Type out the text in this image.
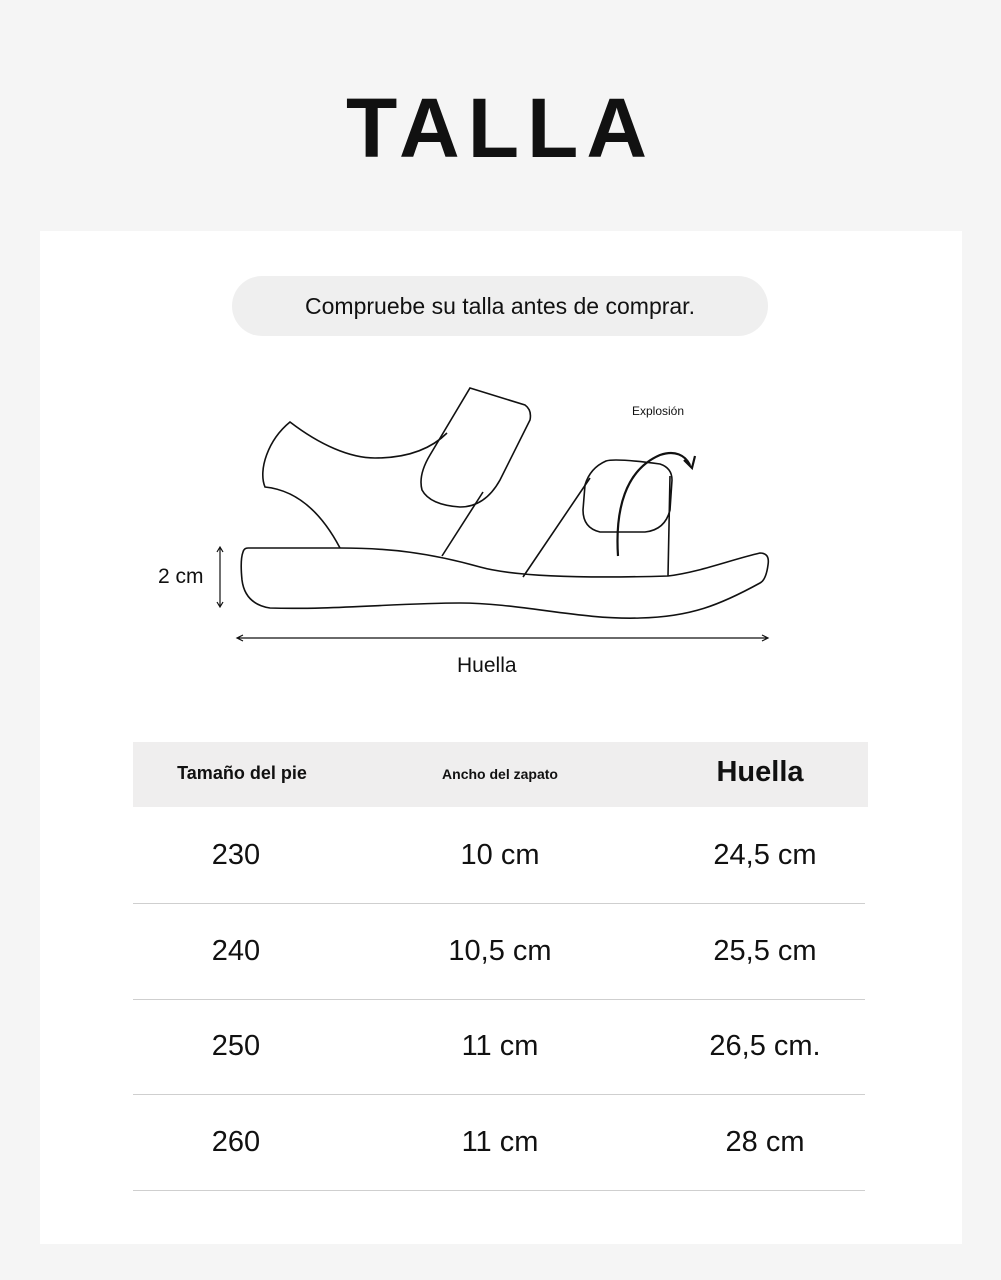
TALLA
Compruebe su talla antes de comprar.
2 cm
Huella
Explosión
Tamaño del pie	Ancho del zapato	Huella
230	10 cm	24,5 cm
240	10,5 cm	25,5 cm
250	11 cm	26,5 cm.
260	11 cm	28 cm
